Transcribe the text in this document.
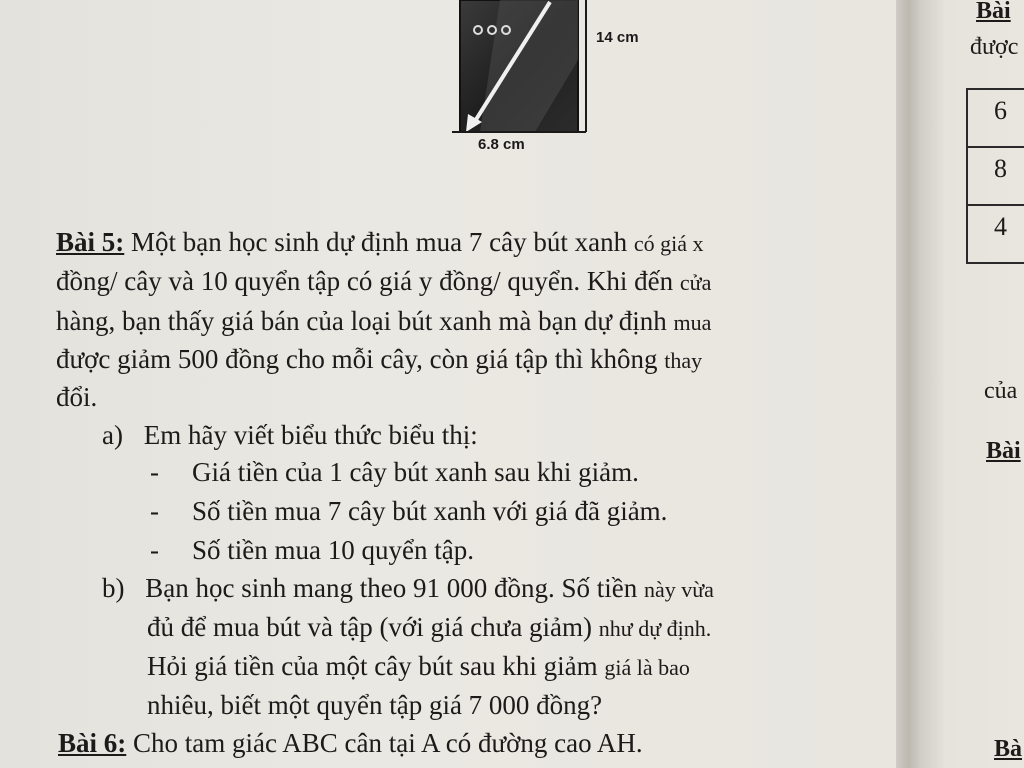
14 cm
6.8 cm
Bài 5: Một bạn học sinh dự định mua 7 cây bút xanh có giá x
đồng/ cây và 10 quyển tập có giá y đồng/ quyển. Khi đến cửa
hàng, bạn thấy giá bán của loại bút xanh mà bạn dự định mua
được giảm 500 đồng cho mỗi cây, còn giá tập thì không thay
đổi.
a) Em hãy viết biểu thức biểu thị:
- Giá tiền của 1 cây bút xanh sau khi giảm.
- Số tiền mua 7 cây bút xanh với giá đã giảm.
- Số tiền mua 10 quyển tập.
b) Bạn học sinh mang theo 91 000 đồng. Số tiền này vừa
đủ để mua bút và tập (với giá chưa giảm) như dự định.
Hỏi giá tiền của một cây bút sau khi giảm giá là bao
nhiêu, biết một quyển tập giá 7 000 đồng?
Bài 6: Cho tam giác ABC cân tại A có đường cao AH.
Bài
được
6
8
4
của
Bài
Bà
